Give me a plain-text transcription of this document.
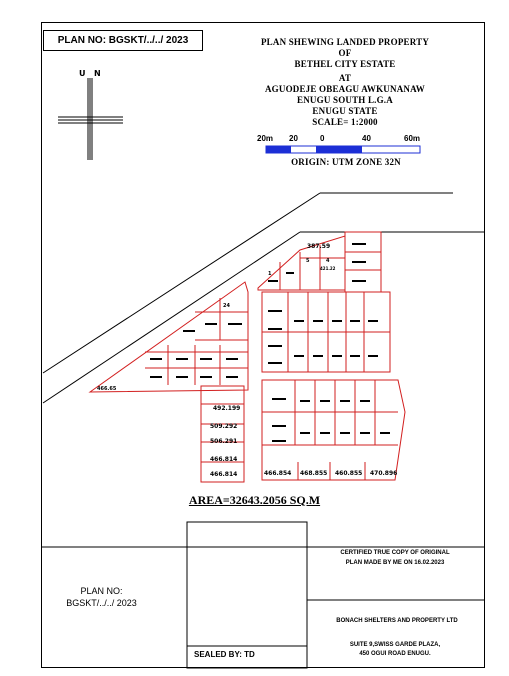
PLAN NO: BGSKT/../../ 2023	PLAN SHEWING LANDED PROPERTY
OF
BETHEL CITY ESTATE
AT
AGUODEJE OBEAGU AWKUNANAW
ENUGU SOUTH L.G.A
ENUGU STATE
SCALE= 1:2000
20m 20	0	40	60m
ORIGIN: UTM ZONE 32N
U N
387.59
5	4
421.22
1
492.199
509.292
506.291
466.814
466.814	466.854 468.855 460.855 470.896
466.65
24
AREA=32643.2056 SQ.M
CERTIFIED TRUE COPY OF ORIGINAL
PLAN MADE BY ME ON 16.02.2023
BONACH SHELTERS AND PROPERTY LTD
SUITE 9,SWISS GARDE PLAZA,
450 OGUI ROAD ENUGU.
PLAN NO:
BGSKT/../../ 2023
SEALED BY: TD
